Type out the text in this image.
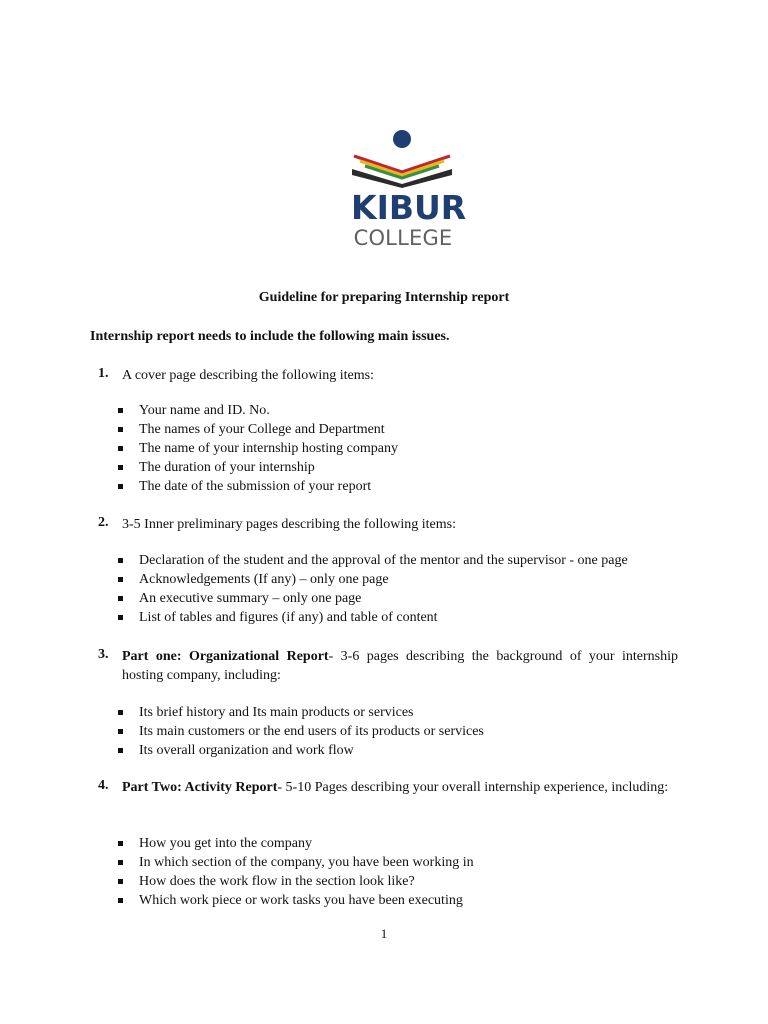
KIBUR
COLLEGE
Guideline for preparing Internship report
Internship report needs to include the following main issues.
1. A cover page describing the following items:
Your name and ID. No.
The names of your College and Department
The name of your internship hosting company
The duration of your internship
The date of the submission of your report
2. 3-5 Inner preliminary pages describing the following items:
Declaration of the student and the approval of the mentor and the supervisor - one page
Acknowledgements (If any) – only one page
An executive summary – only one page
List of tables and figures (if any) and table of content
3. Part one: Organizational Report- 3-6 pages describing the background of your internship hosting company, including:
Its brief history and Its main products or services
Its main customers or the end users of its products or services
Its overall organization and work flow
4. Part Two: Activity Report- 5-10 Pages describing your overall internship experience, including:
How you get into the company
In which section of the company, you have been working in
How does the work flow in the section look like?
Which work piece or work tasks you have been executing
1
